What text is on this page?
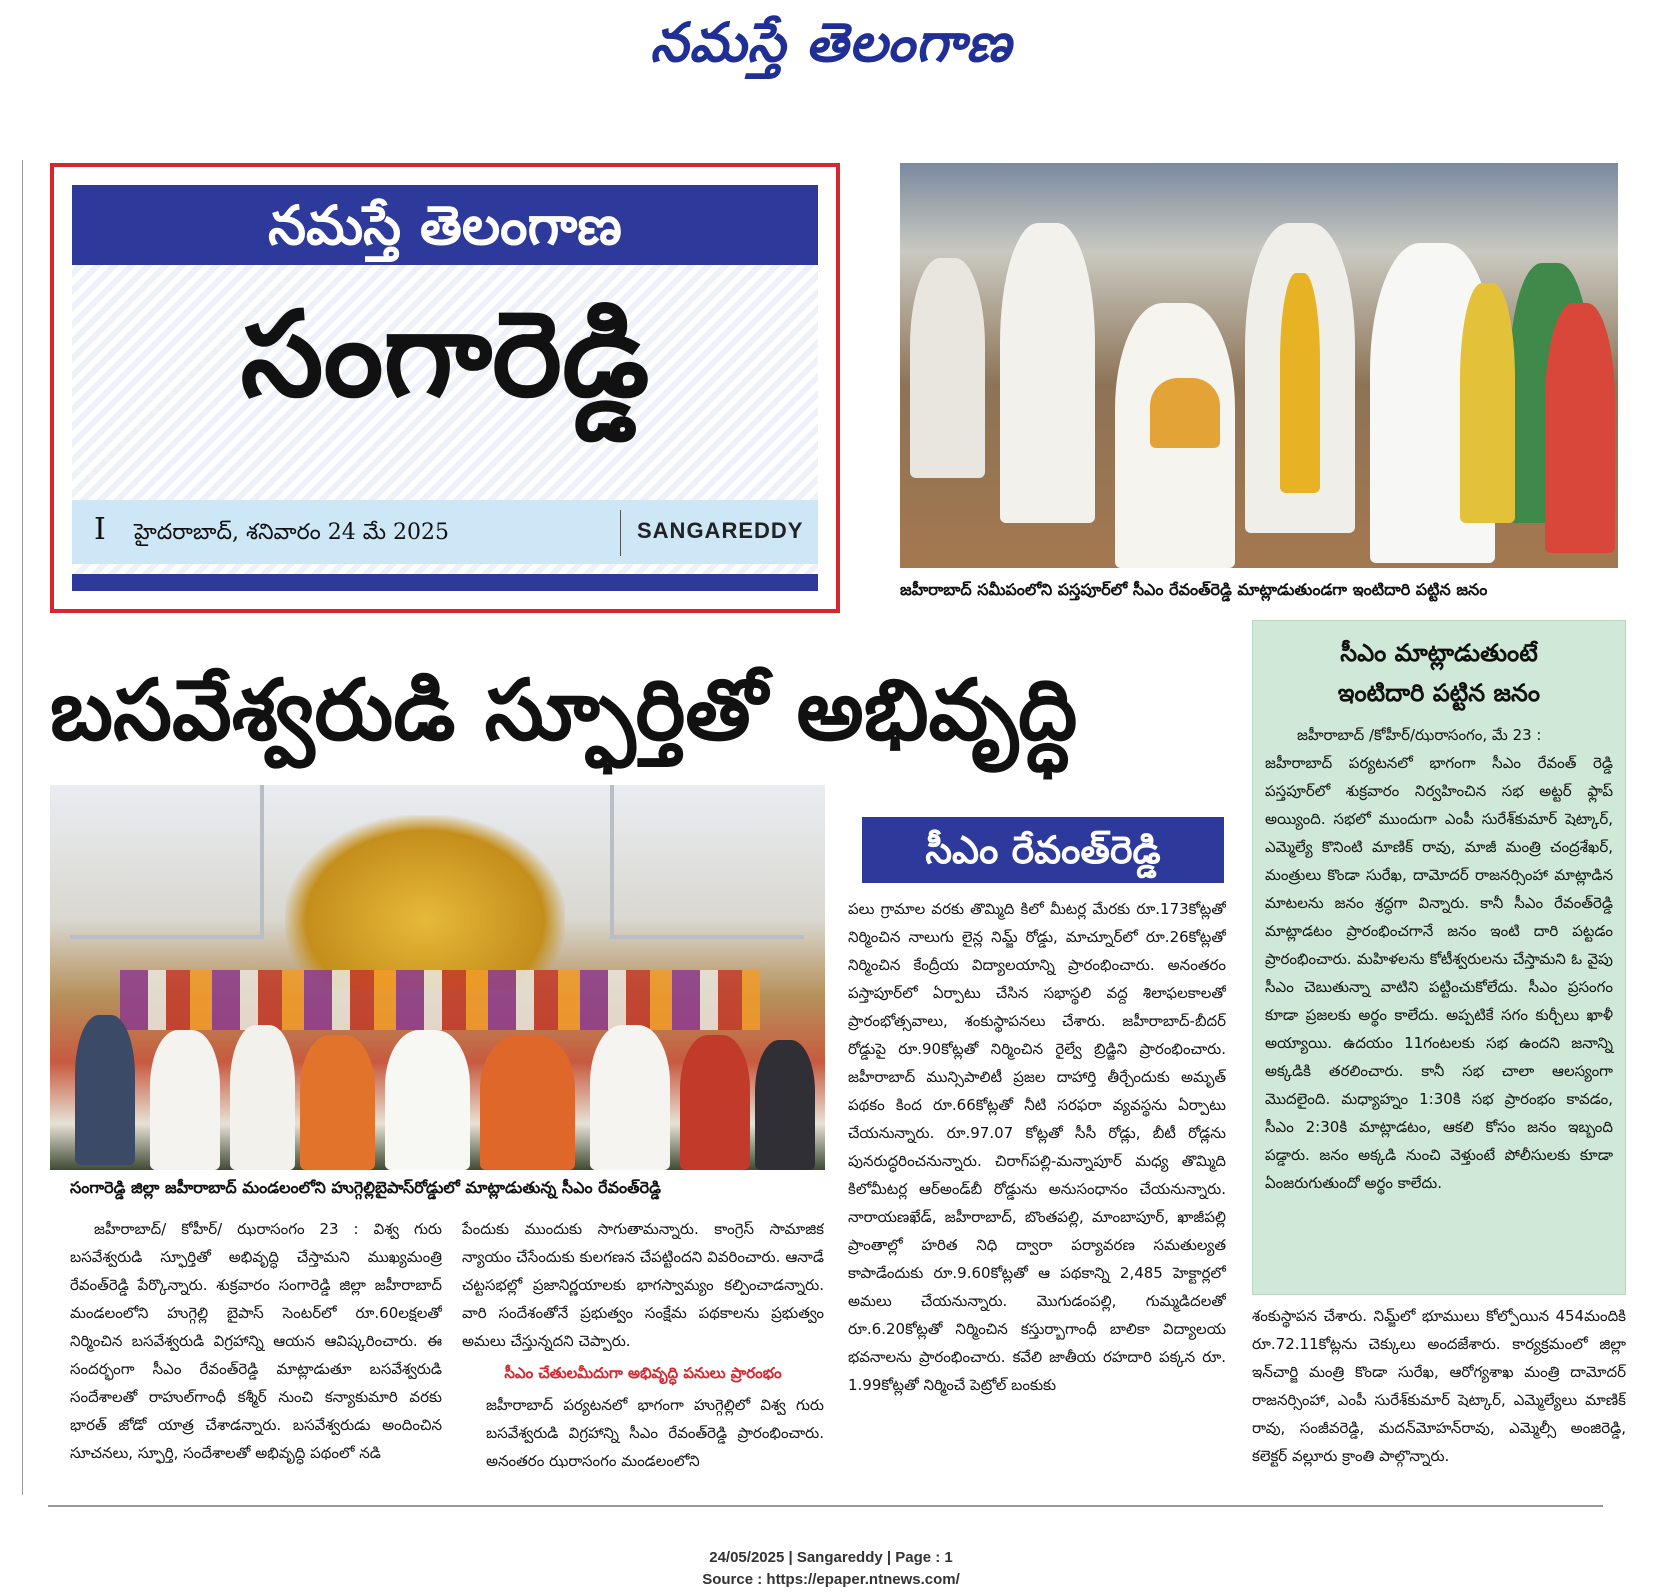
నమస్తే తెలంగాణ
నమస్తే తెలంగాణ
సంగారెడ్డి
I హైదరాబాద్, శనివారం 24 మే 2025	SANGAREDDY
జహీరాబాద్ సమీపంలోని పస్తపూర్‌లో సీఎం రేవంత్‌రెడ్డి మాట్లాడుతుండగా ఇంటిదారి పట్టిన జనం
బసవేశ్వరుడి స్ఫూర్తితో అభివృద్ధి
సంగారెడ్డి జిల్లా జహీరాబాద్ మండలంలోని హుగ్గెల్లిబైపాస్‌రోడ్డులో మాట్లాడుతున్న సీఎం రేవంత్‌రెడ్డి
సీఎం రేవంత్‌రెడ్డి
సీఎం మాట్లాడుతుంటే
ఇంటిదారి పట్టిన జనం
జహీరాబాద్ /కోహీర్/ఝరాసంగం, మే 23 :
జహీరాబాద్ పర్యటనలో భాగంగా సీఎం రేవంత్ రెడ్డి పస్తపూర్‌లో శుక్రవారం నిర్వహించిన సభ అట్టర్ ఫ్లాప్ అయ్యింది. సభలో ముందుగా ఎంపీ సురేశ్‌కుమార్ షెట్కార్, ఎమ్మెల్యే కొనింటి మాణిక్ రావు, మాజీ మంత్రి చంద్రశేఖర్, మంత్రులు కొండా సురేఖ, దామోదర్ రాజనర్సింహా మాట్లాడిన మాటలను జనం శ్రద్ధగా విన్నారు. కానీ సీఎం రేవంత్‌రెడ్డి మాట్లాడటం ప్రారంభించగానే జనం ఇంటి దారి పట్టడం ప్రారంభించారు. మహిళలను కోటీశ్వరులను చేస్తామని ఓ వైపు సీఎం చెబుతున్నా వాటిని పట్టించుకోలేదు. సీఎం ప్రసంగం కూడా ప్రజలకు అర్థం కాలేదు. అప్పటికే సగం కుర్చీలు ఖాళీ అయ్యాయి. ఉదయం 11గంటలకు సభ ఉందని జనాన్ని అక్కడికి తరలించారు. కానీ సభ చాలా ఆలస్యంగా మొదలైంది. మధ్యాహ్నం 1:30కి సభ ప్రారంభం కావడం, సీఎం 2:30కి మాట్లాడటం, ఆకలి కోసం జనం ఇబ్బంది పడ్డారు. జనం అక్కడి నుంచి వెళ్తుంటే పోలీసులకు కూడా ఏంజరుగుతుందో అర్థం కాలేదు.

జహీరాబాద్/ కోహీర్/ ఝరాసంగం 23 : విశ్వ గురు బసవేశ్వరుడి స్ఫూర్తితో అభివృద్ధి చేస్తామని ముఖ్యమంత్రి రేవంత్‌రెడ్డి పేర్కొన్నారు. శుక్రవారం సంగారెడ్డి జిల్లా జహీరాబాద్ మండలంలోని హుగ్గెల్లి బైపాస్ సెంటర్‌లో రూ.60లక్షలతో నిర్మించిన బసవేశ్వరుడి విగ్రహాన్ని ఆయన ఆవిష్కరించారు. ఈ సందర్భంగా సీఎం రేవంత్‌రెడ్డి మాట్లాడుతూ బసవేశ్వరుడి సందేశాలతో రాహుల్‌గాంధీ కశ్మీర్ నుంచి కన్యాకుమారి వరకు భారత్ జోడో యాత్ర చేశాడన్నారు. బసవేశ్వరుడు అందించిన సూచనలు, స్ఫూర్తి, సందేశాలతో అభివృద్ధి పథంలో నడి

పేందుకు ముందుకు సాగుతామన్నారు. కాంగ్రెస్ సామాజిక న్యాయం చేసేందుకు కులగణన చేపట్టిందని వివరించారు. ఆనాడే చట్టసభల్లో ప్రజానిర్ణయాలకు భాగస్వామ్యం కల్పించాడన్నారు. వారి సందేశంతోనే ప్రభుత్వం సంక్షేమ పథకాలను ప్రభుత్వం అమలు చేస్తున్నదని చెప్పారు.

సీఎం చేతులమీదుగా అభివృద్ధి పనులు ప్రారంభం

జహీరాబాద్ పర్యటనలో భాగంగా హుగ్గెల్లిలో విశ్వ గురు బసవేశ్వరుడి విగ్రహాన్ని సీఎం రేవంత్‌రెడ్డి ప్రారంభించారు. అనంతరం ఝరాసంగం మండలంలోని

పలు గ్రామాల వరకు తొమ్మిది కిలో మీటర్ల మేరకు రూ.173కోట్లతో నిర్మించిన నాలుగు లైన్ల నిమ్జ్ రోడ్డు, మాచ్నూర్‌లో రూ.26కోట్లతో నిర్మించిన కేంద్రీయ విద్యాలయాన్ని ప్రారంభించారు. అనంతరం పస్తాపూర్‌లో ఏర్పాటు చేసిన సభాస్థలి వద్ద శిలాఫలకాలతో ప్రారంభోత్సవాలు, శంకుస్థాపనలు చేశారు. జహీరాబాద్-బీదర్ రోడ్డుపై రూ.90కోట్లతో నిర్మించిన రైల్వే బ్రిడ్జిని ప్రారంభించారు. జహీరాబాద్ మున్సిపాలిటీ ప్రజల దాహార్తి తీర్చేందుకు అమృత్ పథకం కింద రూ.66కోట్లతో నీటి సరఫరా వ్యవస్థను ఏర్పాటు చేయనున్నారు. రూ.97.07 కోట్లతో సీసీ రోడ్లు, బీటీ రోడ్లను పునరుద్ధరించనున్నారు. చిరాగ్‌పల్లి-మన్నాపూర్ మధ్య తొమ్మిది కిలోమీటర్ల ఆర్‌అండ్‌బీ రోడ్డును అనుసంధానం చేయనున్నారు. నారాయణఖేడ్, జహీరాబాద్, బొంతపల్లి, మాంబాపూర్, ఖాజీపల్లి ప్రాంతాల్లో హరిత నిధి ద్వారా పర్యావరణ సమతుల్యత కాపాడేందుకు రూ.9.60కోట్లతో ఆ పథకాన్ని 2,485 హెక్టార్లలో అమలు చేయనున్నారు. మొగుడంపల్లి, గుమ్మడిదలతో రూ.6.20కోట్లతో నిర్మించిన కస్తుర్బాగాంధీ బాలికా విద్యాలయ భవనాలను ప్రారంభించారు. కవేలి జాతీయ రహదారి పక్కన రూ. 1.99కోట్లతో నిర్మించే పెట్రోల్ బంకుకు

శంకుస్థాపన చేశారు. నిమ్జ్‌లో భూములు కోల్పోయిన 454మందికి రూ.72.11కోట్లను చెక్కులు అందజేశారు. కార్యక్రమంలో జిల్లా ఇన్‌చార్జి మంత్రి కొండా సురేఖ, ఆరోగ్యశాఖ మంత్రి దామోదర్ రాజనర్సింహా, ఎంపీ సురేశ్‌కుమార్ షెట్కార్, ఎమ్మెల్యేలు మాణిక్ రావు, సంజీవరెడ్డి, మదన్‌మోహన్‌రావు, ఎమ్మెల్సీ అంజిరెడ్డి, కలెక్టర్ వల్లూరు క్రాంతి పాల్గొన్నారు.

24/05/2025 | Sangareddy | Page : 1
Source : https://epaper.ntnews.com/
